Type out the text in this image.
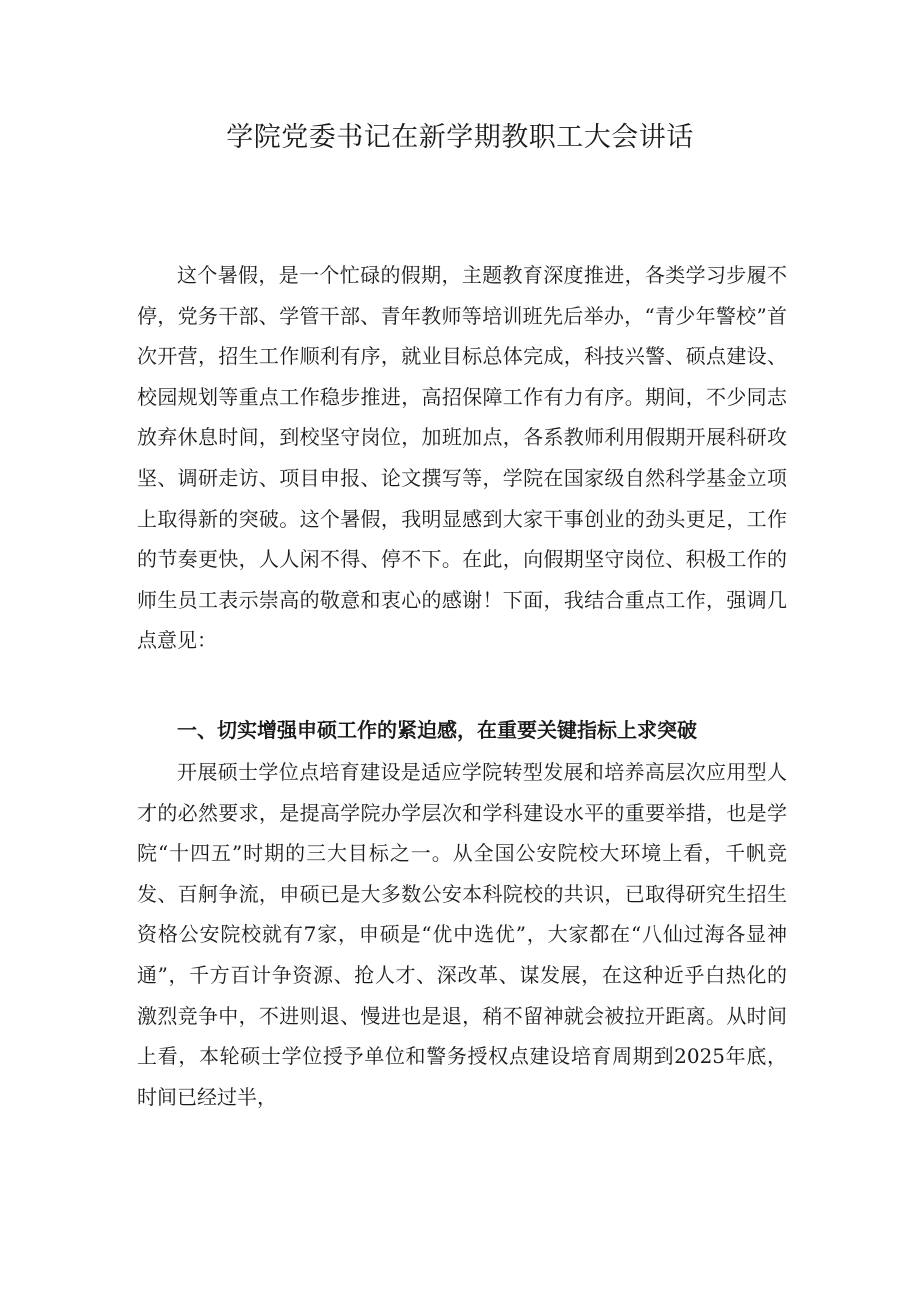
学院党委书记在新学期教职工大会讲话

这个暑假，是一个忙碌的假期，主题教育深度推进，各类学习步履不停，党务干部、学管干部、青年教师等培训班先后举办，“青少年警校”首次开营，招生工作顺利有序，就业目标总体完成，科技兴警、硕点建设、校园规划等重点工作稳步推进，高招保障工作有力有序。期间，不少同志放弃休息时间，到校坚守岗位，加班加点，各系教师利用假期开展科研攻坚、调研走访、项目申报、论文撰写等，学院在国家级自然科学基金立项上取得新的突破。这个暑假，我明显感到大家干事创业的劲头更足，工作的节奏更快，人人闲不得、停不下。在此，向假期坚守岗位、积极工作的师生员工表示崇高的敬意和衷心的感谢！下面，我结合重点工作，强调几点意见：

一、切实增强申硕工作的紧迫感，在重要关键指标上求突破

开展硕士学位点培育建设是适应学院转型发展和培养高层次应用型人才的必然要求，是提高学院办学层次和学科建设水平的重要举措，也是学院“十四五”时期的三大目标之一。从全国公安院校大环境上看，千帆竞发、百舸争流，申硕已是大多数公安本科院校的共识，已取得研究生招生资格公安院校就有7家，申硕是“优中选优”，大家都在“八仙过海各显神通”，千方百计争资源、抢人才、深改革、谋发展，在这种近乎白热化的激烈竞争中，不进则退、慢进也是退，稍不留神就会被拉开距离。从时间上看，本轮硕士学位授予单位和警务授权点建设培育周期到2025年底，时间已经过半，
